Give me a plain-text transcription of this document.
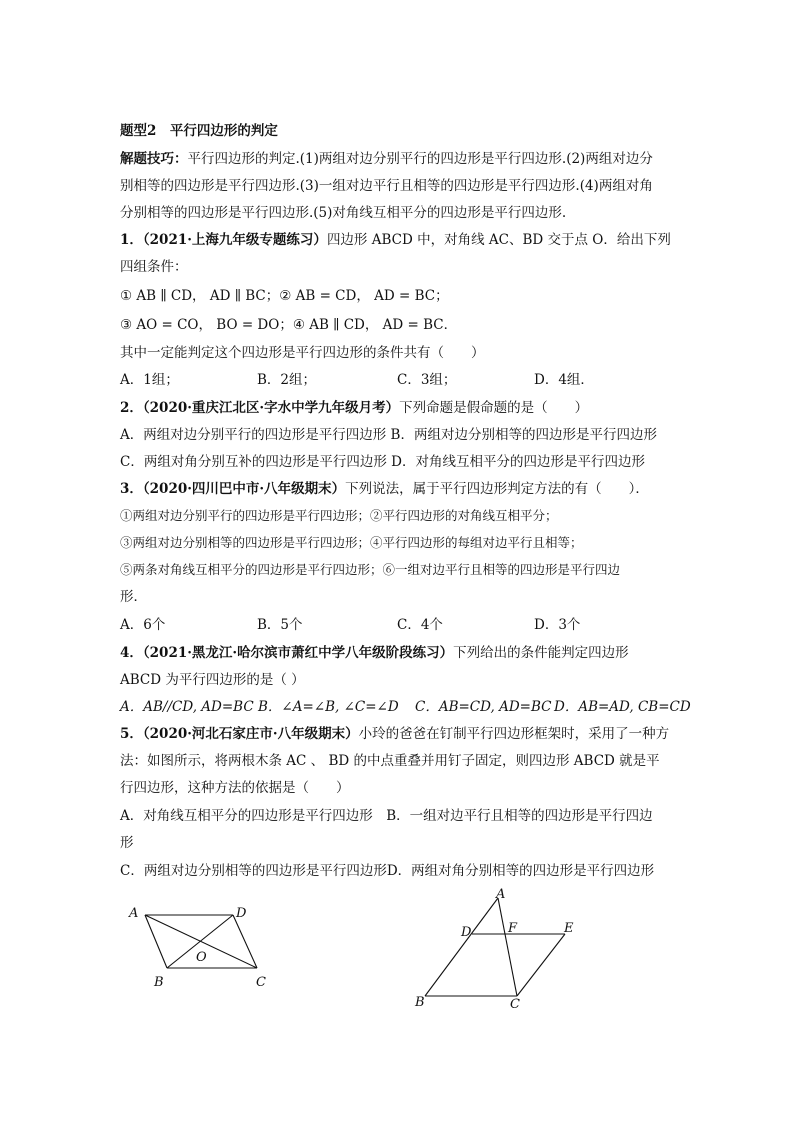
题型2　平行四边形的判定
解题技巧：平行四边形的判定.(1)两组对边分别平行的四边形是平行四边形.(2)两组对边分
别相等的四边形是平行四边形.(3)一组对边平行且相等的四边形是平行四边形.(4)两组对角
分别相等的四边形是平行四边形.(5)对角线互相平分的四边形是平行四边形.
1．（2021·上海九年级专题练习）四边形 ABCD 中，对角线 AC、BD 交于点 O．给出下列
四组条件：
① AB ∥ CD， AD ∥ BC；② AB = CD， AD = BC；
③ AO = CO， BO = DO；④ AB ∥ CD， AD = BC．
其中一定能判定这个四边形是平行四边形的条件共有（　　）
A．1组；	B．2组；	C．3组；	D．4组．
2．（2020·重庆江北区·字水中学九年级月考）下列命题是假命题的是（　　）
A．两组对边分别平行的四边形是平行四边形 B．两组对边分别相等的四边形是平行四边形
C．两组对角分别互补的四边形是平行四边形 D．对角线互相平分的四边形是平行四边形
3．（2020·四川巴中市·八年级期末）下列说法，属于平行四边形判定方法的有（　　）．
①两组对边分别平行的四边形是平行四边形；②平行四边形的对角线互相平分；
③两组对边分别相等的四边形是平行四边形；④平行四边形的每组对边平行且相等；
⑤两条对角线互相平分的四边形是平行四边形；⑥一组对边平行且相等的四边形是平行四边
形．
A．6个	B．5个	C．4个	D．3个
4．（2021·黑龙江·哈尔滨市萧红中学八年级阶段练习）下列给出的条件能判定四边形
ABCD 为平行四边形的是（ ）
A．AB//CD, AD=BC B．∠A=∠B, ∠C=∠D C．AB=CD, AD=BC D．AB=AD, CB=CD
5．（2020·河北石家庄市·八年级期末）小玲的爸爸在钉制平行四边形框架时，采用了一种方
法：如图所示，将两根木条 AC 、 BD 的中点重叠并用钉子固定，则四边形 ABCD 就是平
行四边形，这种方法的依据是（　　）
A．对角线互相平分的四边形是平行四边形　B．一组对边平行且相等的四边形是平行四边
形
C．两组对边分别相等的四边形是平行四边形D．两组对角分别相等的四边形是平行四边形
A	D
O
B	C
A
D	F	E
B	C
